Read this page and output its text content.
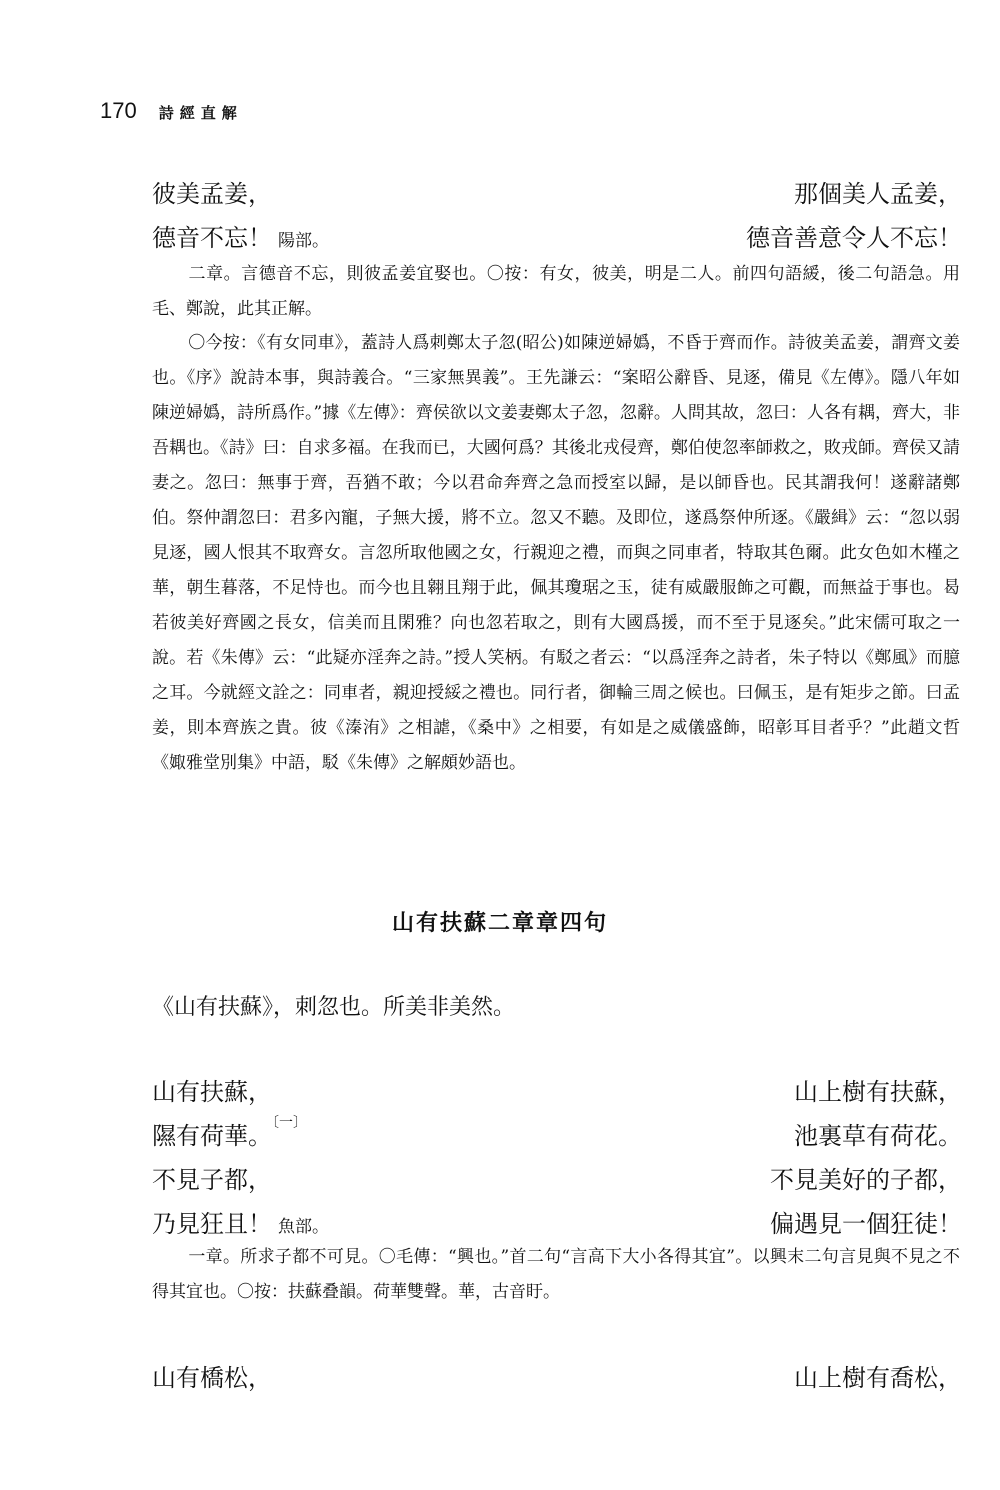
170 詩經直解
彼美孟姜，	那個美人孟姜，
德音不忘！ 陽部。	德音善意令人不忘！

二章。言德音不忘，則彼孟姜宜娶也。〇按：有女，彼美，明是二人。前四句語緩，後二句語急。用毛、鄭說，此其正解。

〇今按：《有女同車》，蓋詩人爲刺鄭太子忽(昭公)如陳逆婦嬀，不昏于齊而作。詩彼美孟姜，謂齊文姜也。《序》說詩本事，與詩義合。“三家無異義”。王先謙云：“案昭公辭昏、見逐，備見《左傳》。隱八年如陳逆婦嬀，詩所爲作。”據《左傳》：齊侯欲以文姜妻鄭太子忽，忽辭。人問其故，忽曰：人各有耦，齊大，非吾耦也。《詩》曰：自求多福。在我而已，大國何爲？其後北戎侵齊，鄭伯使忽率師救之，敗戎師。齊侯又請妻之。忽曰：無事于齊，吾猶不敢；今以君命奔齊之急而授室以歸，是以師昏也。民其謂我何！遂辭諸鄭伯。祭仲謂忽曰：君多內寵，子無大援，將不立。忽又不聽。及即位，遂爲祭仲所逐。《嚴緝》云：“忽以弱見逐，國人恨其不取齊女。言忽所取他國之女，行親迎之禮，而與之同車者，特取其色爾。此女色如木槿之華，朝生暮落，不足恃也。而今也且翱且翔于此，佩其瓊琚之玉，徒有威嚴服飾之可觀，而無益于事也。曷若彼美好齊國之長女，信美而且閑雅？向也忽若取之，則有大國爲援，而不至于見逐矣。”此宋儒可取之一說。若《朱傳》云：“此疑亦淫奔之詩。”授人笑柄。有駁之者云：“以爲淫奔之詩者，朱子特以《鄭風》而臆之耳。今就經文詮之：同車者，親迎授綏之禮也。同行者，御輪三周之候也。曰佩玉，是有矩步之節。曰孟姜，則本齊族之貴。彼《溱洧》之相謔，《桑中》之相要，有如是之威儀盛飾，昭彰耳目者乎？”此趙文哲《娵雅堂別集》中語，駁《朱傳》之解頗妙語也。

山有扶蘇二章章四句
《山有扶蘇》，刺忽也。所美非美然。
山有扶蘇，	山上樹有扶蘇，
隰有荷華。$^{〔一〕}$	池裏草有荷花。
不見子都，	不見美好的子都，
乃見狂且！ 魚部。	偏遇見一個狂徒！

一章。所求子都不可見。〇毛傳：“興也。”首二句“言高下大小各得其宜”。以興末二句言見與不見之不得其宜也。〇按：扶蘇叠韻。荷華雙聲。華，古音盱。

山有橋松，	山上樹有喬松，
